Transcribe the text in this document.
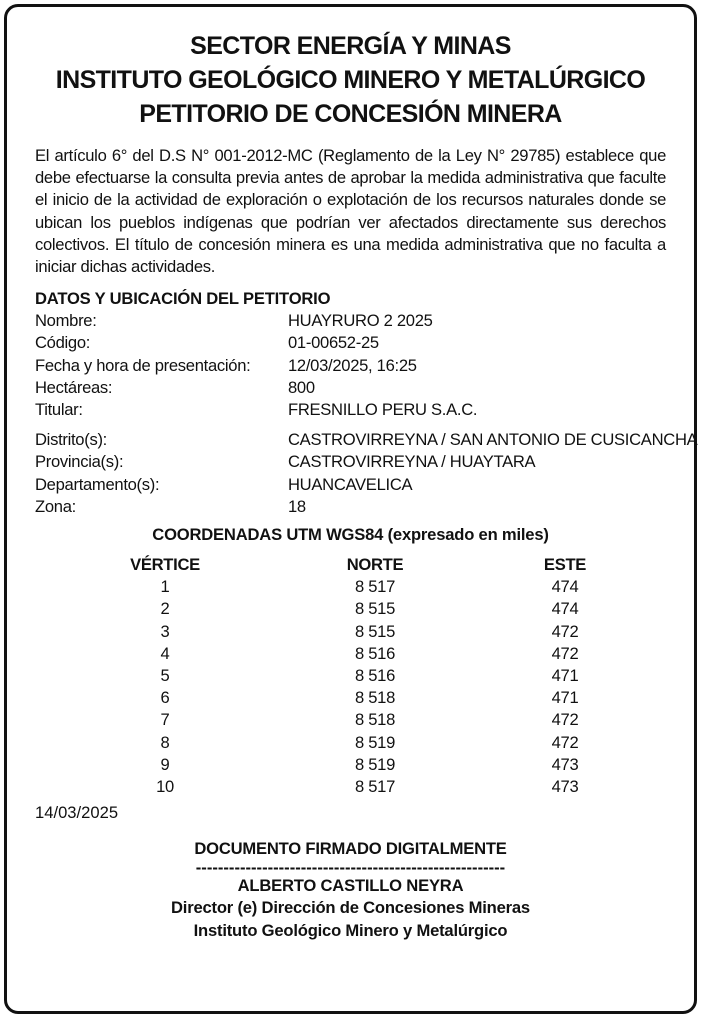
SECTOR ENERGÍA Y MINAS
INSTITUTO GEOLÓGICO MINERO Y METALÚRGICO
PETITORIO DE CONCESIÓN MINERA
El artículo 6° del D.S N° 001-2012-MC (Reglamento de la Ley N° 29785) establece que debe efectuarse la consulta previa antes de aprobar la medida administrativa que faculte el inicio de la actividad de exploración o explotación de los recursos naturales donde se ubican los pueblos indígenas que podrían ver afectados directamente sus derechos colectivos. El título de concesión minera es una medida administrativa que no faculta a iniciar dichas actividades.
DATOS Y UBICACIÓN DEL PETITORIO
Nombre:	HUAYRURO 2 2025
Código:	01-00652-25
Fecha y hora de presentación:	12/03/2025, 16:25
Hectáreas:	800
Titular:	FRESNILLO PERU S.A.C.
Distrito(s):	CASTROVIRREYNA / SAN ANTONIO DE CUSICANCHA
Provincia(s):	CASTROVIRREYNA / HUAYTARA
Departamento(s):	HUANCAVELICA
Zona:	18
COORDENADAS UTM WGS84 (expresado en miles)
VÉRTICE	NORTE	ESTE
1	8 517	474
2	8 515	474
3	8 515	472
4	8 516	472
5	8 516	471
6	8 518	471
7	8 518	472
8	8 519	472
9	8 519	473
10	8 517	473
14/03/2025
DOCUMENTO FIRMADO DIGITALMENTE
--------------------------------------------------------
ALBERTO CASTILLO NEYRA
Director (e) Dirección de Concesiones Mineras
Instituto Geológico Minero y Metalúrgico
